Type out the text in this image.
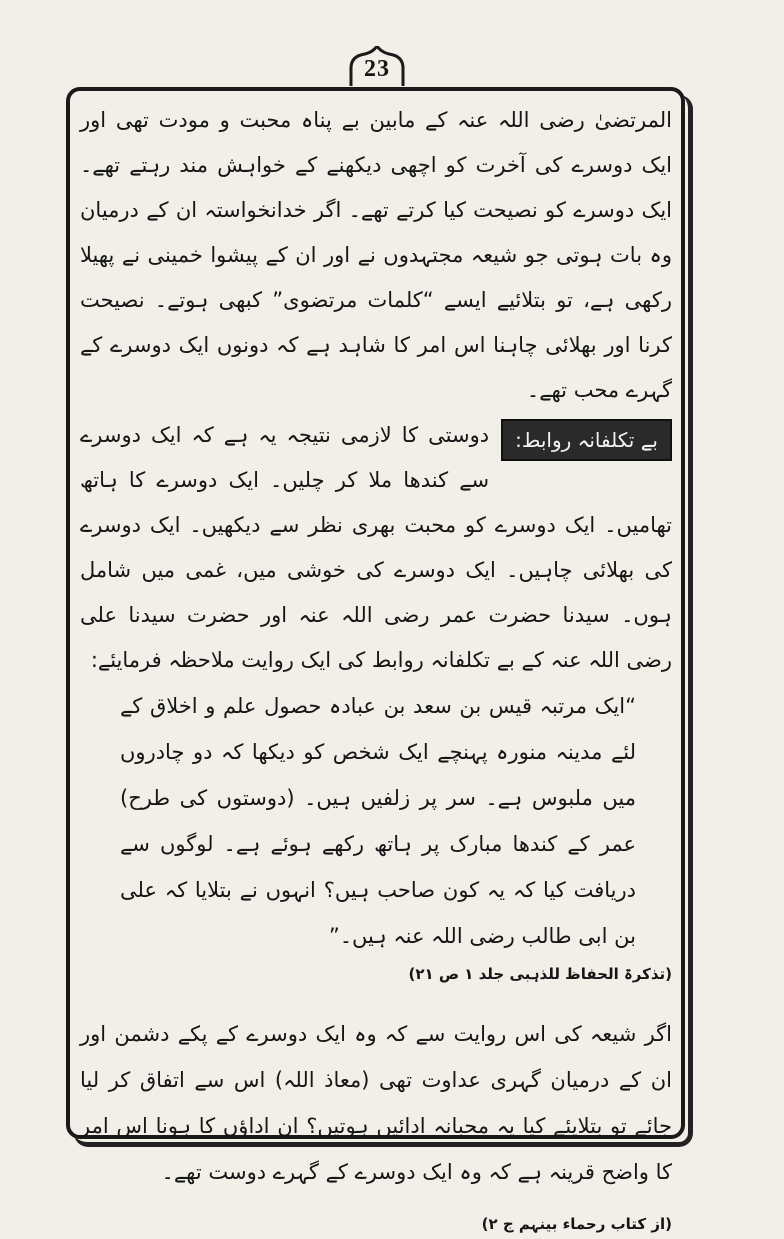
23

المرتضیٰ رضی اللہ عنہ کے مابین بے پناہ محبت و مودت تھی اور ایک دوسرے کی آخرت کو اچھی دیکھنے کے خواہش مند رہتے تھے۔ ایک دوسرے کو نصیحت کیا کرتے تھے۔ اگر خدانخواستہ ان کے درمیان وہ بات ہوتی جو شیعہ مجتہدوں نے اور ان کے پیشوا خمینی نے پھیلا رکھی ہے، تو بتلائیے ایسے “کلمات مرتضوی” کبھی ہوتے۔ نصیحت کرنا اور بھلائی چاہنا اس امر کا شاہد ہے کہ دونوں ایک دوسرے کے گہرے محب تھے۔

بے تکلفانہ روابط:

دوستی کا لازمی نتیجہ یہ ہے کہ ایک دوسرے سے کندھا ملا کر چلیں۔ ایک دوسرے کا ہاتھ تھامیں۔ ایک دوسرے کو محبت بھری نظر سے دیکھیں۔ ایک دوسرے کی بھلائی چاہیں۔ ایک دوسرے کی خوشی میں، غمی میں شامل ہوں۔ سیدنا حضرت عمر رضی اللہ عنہ اور حضرت سیدنا علی رضی اللہ عنہ کے بے تکلفانہ روابط کی ایک روایت ملاحظہ فرمایئے:

“ایک مرتبہ قیس بن سعد بن عبادہ حصول علم و اخلاق کے لئے مدینہ منورہ پہنچے ایک شخص کو دیکھا کہ دو چادروں میں ملبوس ہے۔ سر پر زلفیں ہیں۔ (دوستوں کی طرح) عمر کے کندھا مبارک پر ہاتھ رکھے ہوئے ہے۔ لوگوں سے دریافت کیا کہ یہ کون صاحب ہیں؟ انہوں نے بتلایا کہ علی بن ابی طالب رضی اللہ عنہ ہیں۔”

(تذکرۃ الحفاظ للذہبی جلد ۱ ص ۲۱)

اگر شیعہ کی اس روایت سے کہ وہ ایک دوسرے کے پکے دشمن اور ان کے درمیان گہری عداوت تھی (معاذ اللہ) اس سے اتفاق کر لیا جائے تو بتلایئے کیا یہ محبانہ ادائیں ہوتیں؟ ان اداؤں کا ہونا اس امر کا واضح قرینہ ہے کہ وہ ایک دوسرے کے گہرے دوست تھے۔

(از کتاب رحماء بینہم ج ۲)
